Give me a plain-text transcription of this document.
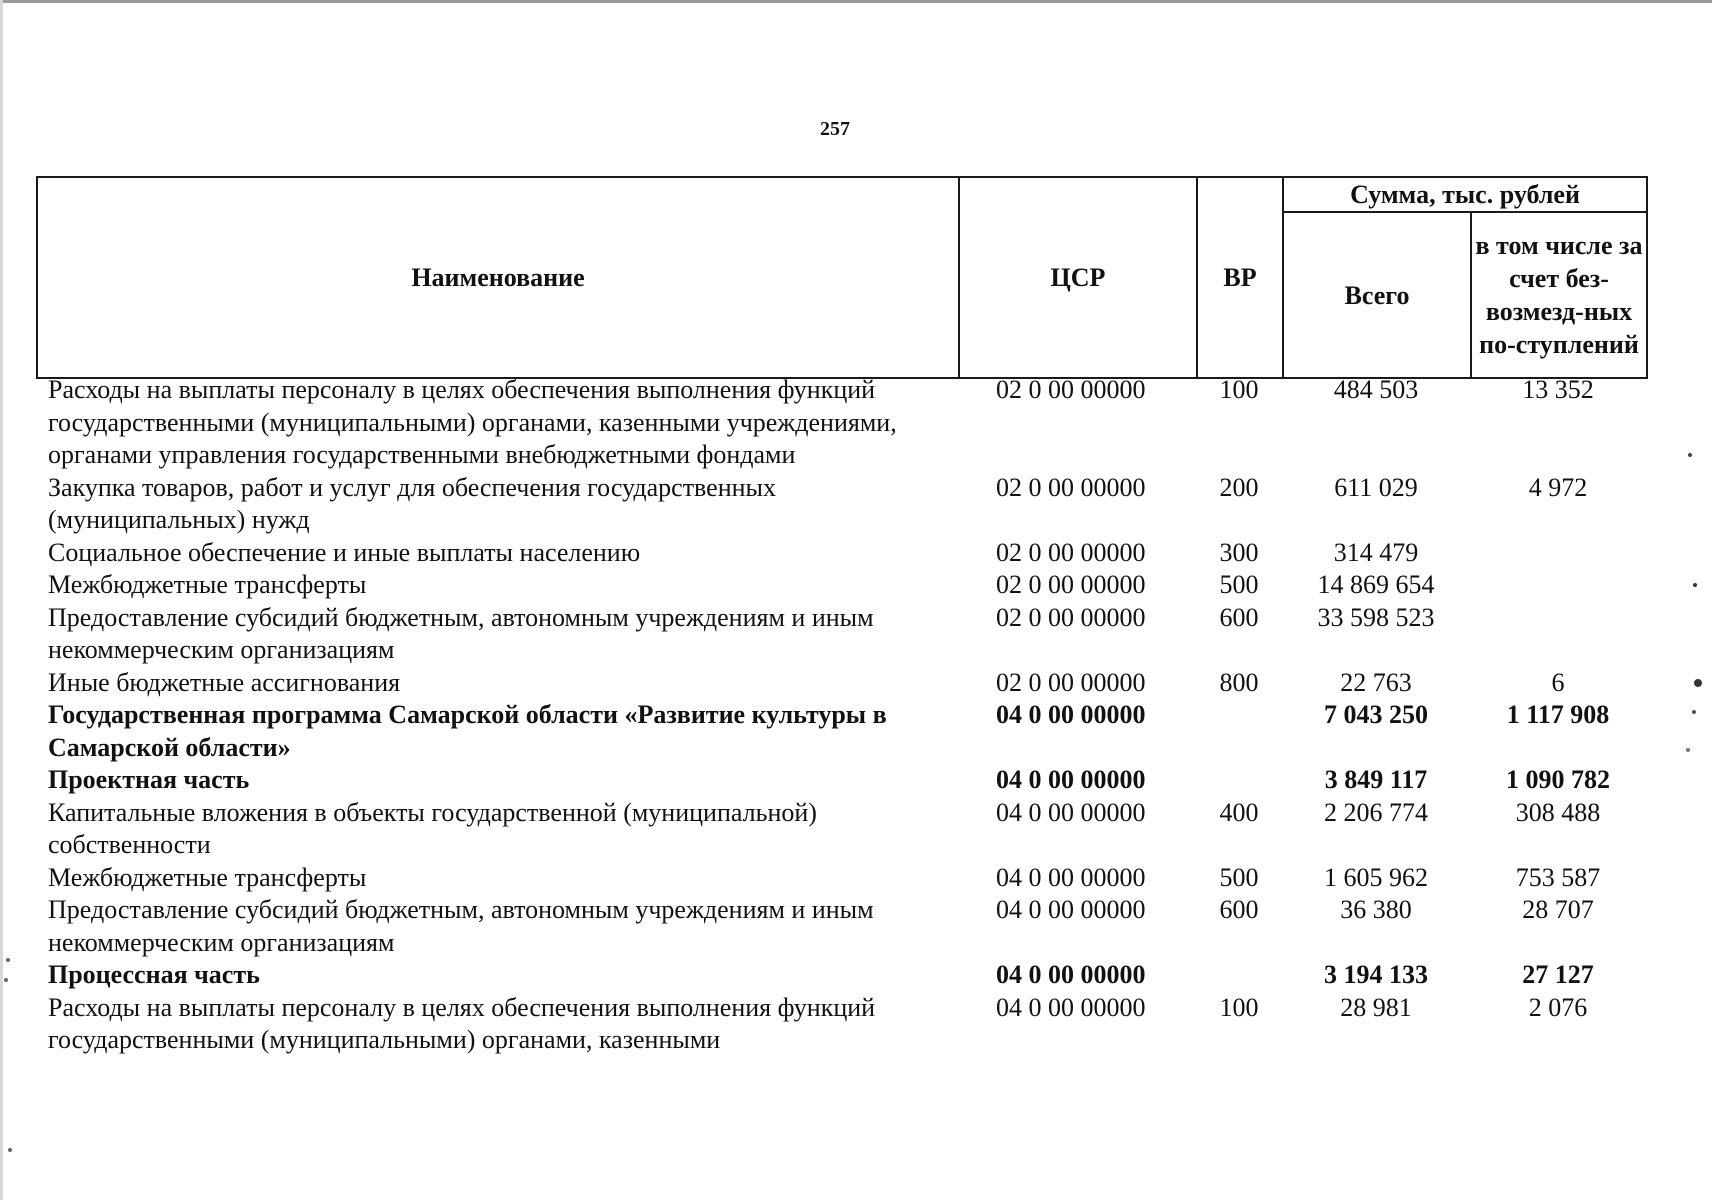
257
Наименование	ЦСР	ВР	Сумма, тыс. рублей	
			Всего	в том числе за счет без-возмезд-ных по-ступлений
Расходы на выплаты персоналу в целях обеспечения выполнения функций государственными (муниципальными) органами, казенными учреждениями, органами управления государственными внебюджетными фондами	02 0 00 00000	100	484 503	13 352
Закупка товаров, работ и услуг для обеспечения государственных (муниципальных) нужд	02 0 00 00000	200	611 029	4 972
Социальное обеспечение и иные выплаты населению	02 0 00 00000	300	314 479	
Межбюджетные трансферты	02 0 00 00000	500	14 869 654	
Предоставление субсидий бюджетным, автономным учреждениям и иным некоммерческим организациям	02 0 00 00000	600	33 598 523	
Иные бюджетные ассигнования	02 0 00 00000	800	22 763	6
Государственная программа Самарской области «Развитие культуры в Самарской области»	04 0 00 00000		7 043 250	1 117 908
Проектная часть	04 0 00 00000		3 849 117	1 090 782
Капитальные вложения в объекты государственной (муниципальной) собственности	04 0 00 00000	400	2 206 774	308 488
Межбюджетные трансферты	04 0 00 00000	500	1 605 962	753 587
Предоставление субсидий бюджетным, автономным учреждениям и иным некоммерческим организациям	04 0 00 00000	600	36 380	28 707
Процессная часть	04 0 00 00000		3 194 133	27 127
Расходы на выплаты персоналу в целях обеспечения выполнения функций государственными (муниципальными) органами, казенными	04 0 00 00000	100	28 981	2 076
